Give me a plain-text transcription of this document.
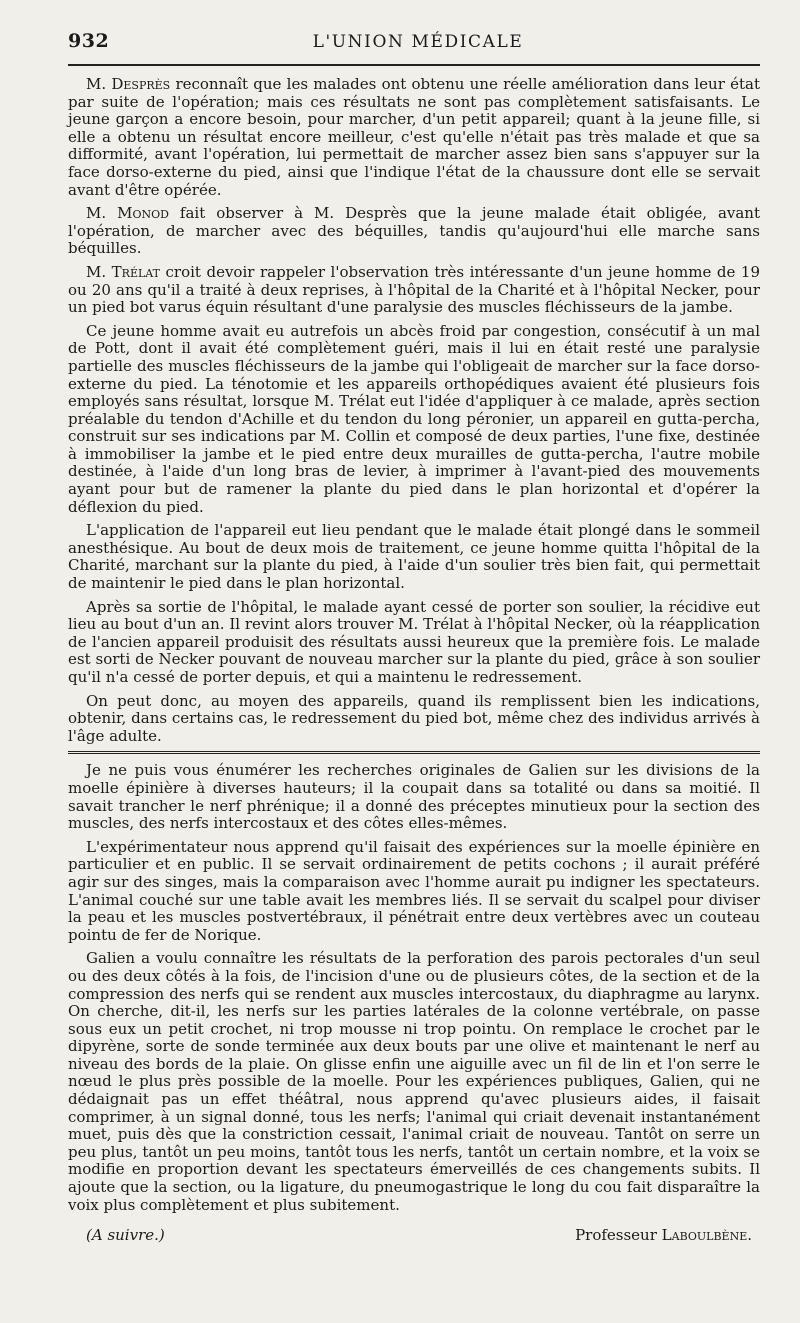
932	L'UNION MÉDICALE

M. Desprès reconnaît que les malades ont obtenu une réelle amélioration dans leur état par suite de l'opération; mais ces résultats ne sont pas complètement satisfaisants. Le jeune garçon a encore besoin, pour marcher, d'un petit appareil; quant à la jeune fille, si elle a obtenu un résultat encore meilleur, c'est qu'elle n'était pas très malade et que sa difformité, avant l'opération, lui permettait de marcher assez bien sans s'appuyer sur la face dorso-externe du pied, ainsi que l'indique l'état de la chaussure dont elle se servait avant d'être opérée.

M. Monod fait observer à M. Desprès que la jeune malade était obligée, avant l'opération, de marcher avec des béquilles, tandis qu'aujourd'hui elle marche sans béquilles.

M. Trélat croit devoir rappeler l'observation très intéressante d'un jeune homme de 19 ou 20 ans qu'il a traité à deux reprises, à l'hôpital de la Charité et à l'hôpital Necker, pour un pied bot varus équin résultant d'une paralysie des muscles fléchisseurs de la jambe.

Ce jeune homme avait eu autrefois un abcès froid par congestion, consécutif à un mal de Pott, dont il avait été complètement guéri, mais il lui en était resté une paralysie partielle des muscles fléchisseurs de la jambe qui l'obligeait de marcher sur la face dorso-externe du pied. La ténotomie et les appareils orthopédiques avaient été plusieurs fois employés sans résultat, lorsque M. Trélat eut l'idée d'appliquer à ce malade, après section préalable du tendon d'Achille et du tendon du long péronier, un appareil en gutta-percha, construit sur ses indications par M. Collin et composé de deux parties, l'une fixe, destinée à immobiliser la jambe et le pied entre deux murailles de gutta-percha, l'autre mobile destinée, à l'aide d'un long bras de levier, à imprimer à l'avant-pied des mouvements ayant pour but de ramener la plante du pied dans le plan horizontal et d'opérer la déflexion du pied.

L'application de l'appareil eut lieu pendant que le malade était plongé dans le sommeil anesthésique. Au bout de deux mois de traitement, ce jeune homme quitta l'hôpital de la Charité, marchant sur la plante du pied, à l'aide d'un soulier très bien fait, qui permettait de maintenir le pied dans le plan horizontal.

Après sa sortie de l'hôpital, le malade ayant cessé de porter son soulier, la récidive eut lieu au bout d'un an. Il revint alors trouver M. Trélat à l'hôpital Necker, où la réapplication de l'ancien appareil produisit des résultats aussi heureux que la première fois. Le malade est sorti de Necker pouvant de nouveau marcher sur la plante du pied, grâce à son soulier qu'il n'a cessé de porter depuis, et qui a maintenu le redressement.

On peut donc, au moyen des appareils, quand ils remplissent bien les indications, obtenir, dans certains cas, le redressement du pied bot, même chez des individus arrivés à l'âge adulte.

Je ne puis vous énumérer les recherches originales de Galien sur les divisions de la moelle épinière à diverses hauteurs; il la coupait dans sa totalité ou dans sa moitié. Il savait trancher le nerf phrénique; il a donné des préceptes minutieux pour la section des muscles, des nerfs intercostaux et des côtes elles-mêmes.

L'expérimentateur nous apprend qu'il faisait des expériences sur la moelle épinière en particulier et en public. Il se servait ordinairement de petits cochons ; il aurait préféré agir sur des singes, mais la comparaison avec l'homme aurait pu indigner les spectateurs. L'animal couché sur une table avait les membres liés. Il se servait du scalpel pour diviser la peau et les muscles postvertébraux, il pénétrait entre deux vertèbres avec un couteau pointu de fer de Norique.

Galien a voulu connaître les résultats de la perforation des parois pectorales d'un seul ou des deux côtés à la fois, de l'incision d'une ou de plusieurs côtes, de la section et de la compression des nerfs qui se rendent aux muscles intercostaux, du diaphragme au larynx. On cherche, dit-il, les nerfs sur les parties latérales de la colonne vertébrale, on passe sous eux un petit crochet, ni trop mousse ni trop pointu. On remplace le crochet par le dipyrène, sorte de sonde terminée aux deux bouts par une olive et maintenant le nerf au niveau des bords de la plaie. On glisse enfin une aiguille avec un fil de lin et l'on serre le nœud le plus près possible de la moelle. Pour les expériences publiques, Galien, qui ne dédaignait pas un effet théâtral, nous apprend qu'avec plusieurs aides, il faisait comprimer, à un signal donné, tous les nerfs; l'animal qui criait devenait instantanément muet, puis dès que la constriction cessait, l'animal criait de nouveau. Tantôt on serre un peu plus, tantôt un peu moins, tantôt tous les nerfs, tantôt un certain nombre, et la voix se modifie en proportion devant les spectateurs émerveillés de ces changements subits. Il ajoute que la section, ou la ligature, du pneumogastrique le long du cou fait disparaître la voix plus complètement et plus subitement.

(A suivre.)	Professeur Laboulbène.
